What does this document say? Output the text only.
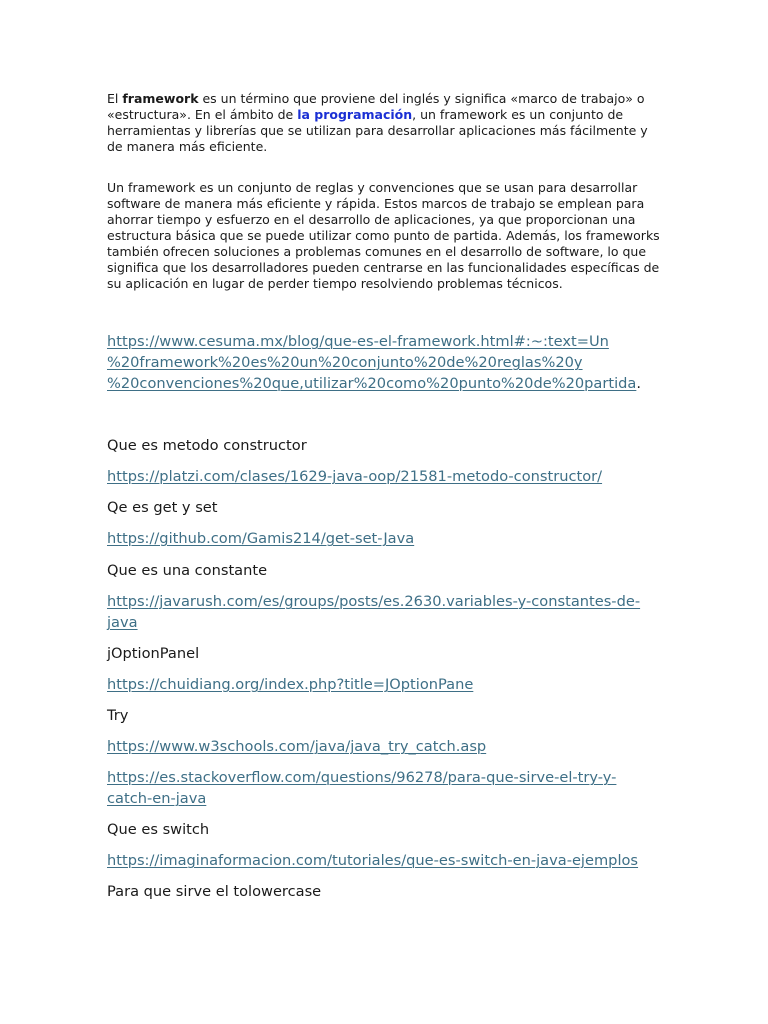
El framework es un término que proviene del inglés y significa «marco de trabajo» o «estructura». En el ámbito de la programación, un framework es un conjunto de herramientas y librerías que se utilizan para desarrollar aplicaciones más fácilmente y de manera más eficiente.

Un framework es un conjunto de reglas y convenciones que se usan para desarrollar software de manera más eficiente y rápida. Estos marcos de trabajo se emplean para ahorrar tiempo y esfuerzo en el desarrollo de aplicaciones, ya que proporcionan una estructura básica que se puede utilizar como punto de partida. Además, los frameworks también ofrecen soluciones a problemas comunes en el desarrollo de software, lo que significa que los desarrolladores pueden centrarse en las funcionalidades específicas de su aplicación en lugar de perder tiempo resolviendo problemas técnicos.

https://www.cesuma.mx/blog/que-es-el-framework.html#:~:text=Un
%20framework%20es%20un%20conjunto%20de%20reglas%20y
%20convenciones%20que,utilizar%20como%20punto%20de%20partida.
Que es metodo constructor
https://platzi.com/clases/1629-java-oop/21581-metodo-constructor/
Qe es get y set
https://github.com/Gamis214/get-set-Java
Que es una constante
https://javarush.com/es/groups/posts/es.2630.variables-y-constantes-de-
java
jOptionPanel
https://chuidiang.org/index.php?title=JOptionPane
Try
https://www.w3schools.com/java/java_try_catch.asp
https://es.stackoverflow.com/questions/96278/para-que-sirve-el-try-y-
catch-en-java
Que es switch
https://imaginaformacion.com/tutoriales/que-es-switch-en-java-ejemplos
Para que sirve el tolowercase
